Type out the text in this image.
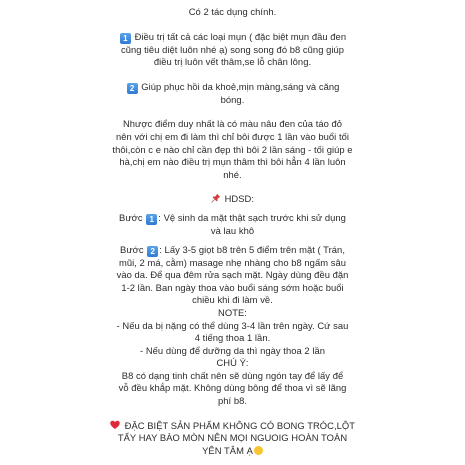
Có 2 tác dụng chính.

1 Điều trị tất cả các loại mụn ( đặc biệt mụn đầu đen

cũng tiêu diệt luôn nhé ạ) song song đó b8 cũng giúp

điều trị luôn vết thâm,se lỗ chân lông.

2 Giúp phục hồi da khoẻ,mịn màng,sáng và căng

bóng.

Nhược điểm duy nhất là có màu nâu đen của táo đỏ

nên với chị em đi làm thì chỉ bôi được 1 lần vào buổi tối

thôi,còn c e nào chỉ cần đẹp thì bôi 2 lần sáng - tối giúp e

hà,chị em nào điều trị mụn thâm thì bôi hẳn 4 lần luôn

nhé.

HDSD:

Bước 1 : Vệ sinh da mặt thật sạch trước khi sử dụng

và lau khô

Bước 2 : Lấy 3-5 giọt b8 trên 5 điểm trên mặt ( Trán,

mũi, 2 má, cằm) masage nhẹ nhàng cho b8 ngấm sâu

vào da. Để qua đêm rửa sạch mặt. Ngày dùng đều đặn

1-2 lần. Ban ngày thoa vào buổi sáng sớm hoặc buổi

chiều khi đi làm về.

NOTE:

- Nếu da bị nặng có thể dùng 3-4 lần trên ngày. Cứ sau

4 tiếng thoa 1 lần.

- Nếu dùng để dưỡng da thì ngày thoa 2 lần

CHÚ Ý:

B8 có dạng tinh chất nên sẽ dùng ngón tay để lấy để

vỗ đều khắp mặt. Không dùng bông để thoa vì sẽ lãng

phí b8.

ĐẶC BIỆT SẢN PHẨM KHÔNG CÓ BONG TRÓC,LỘT

TẨY HAY BÀO MÒN NÊN MỌI NGUOIG HOÀN TOÀN

YÊN TÂM Ạ
